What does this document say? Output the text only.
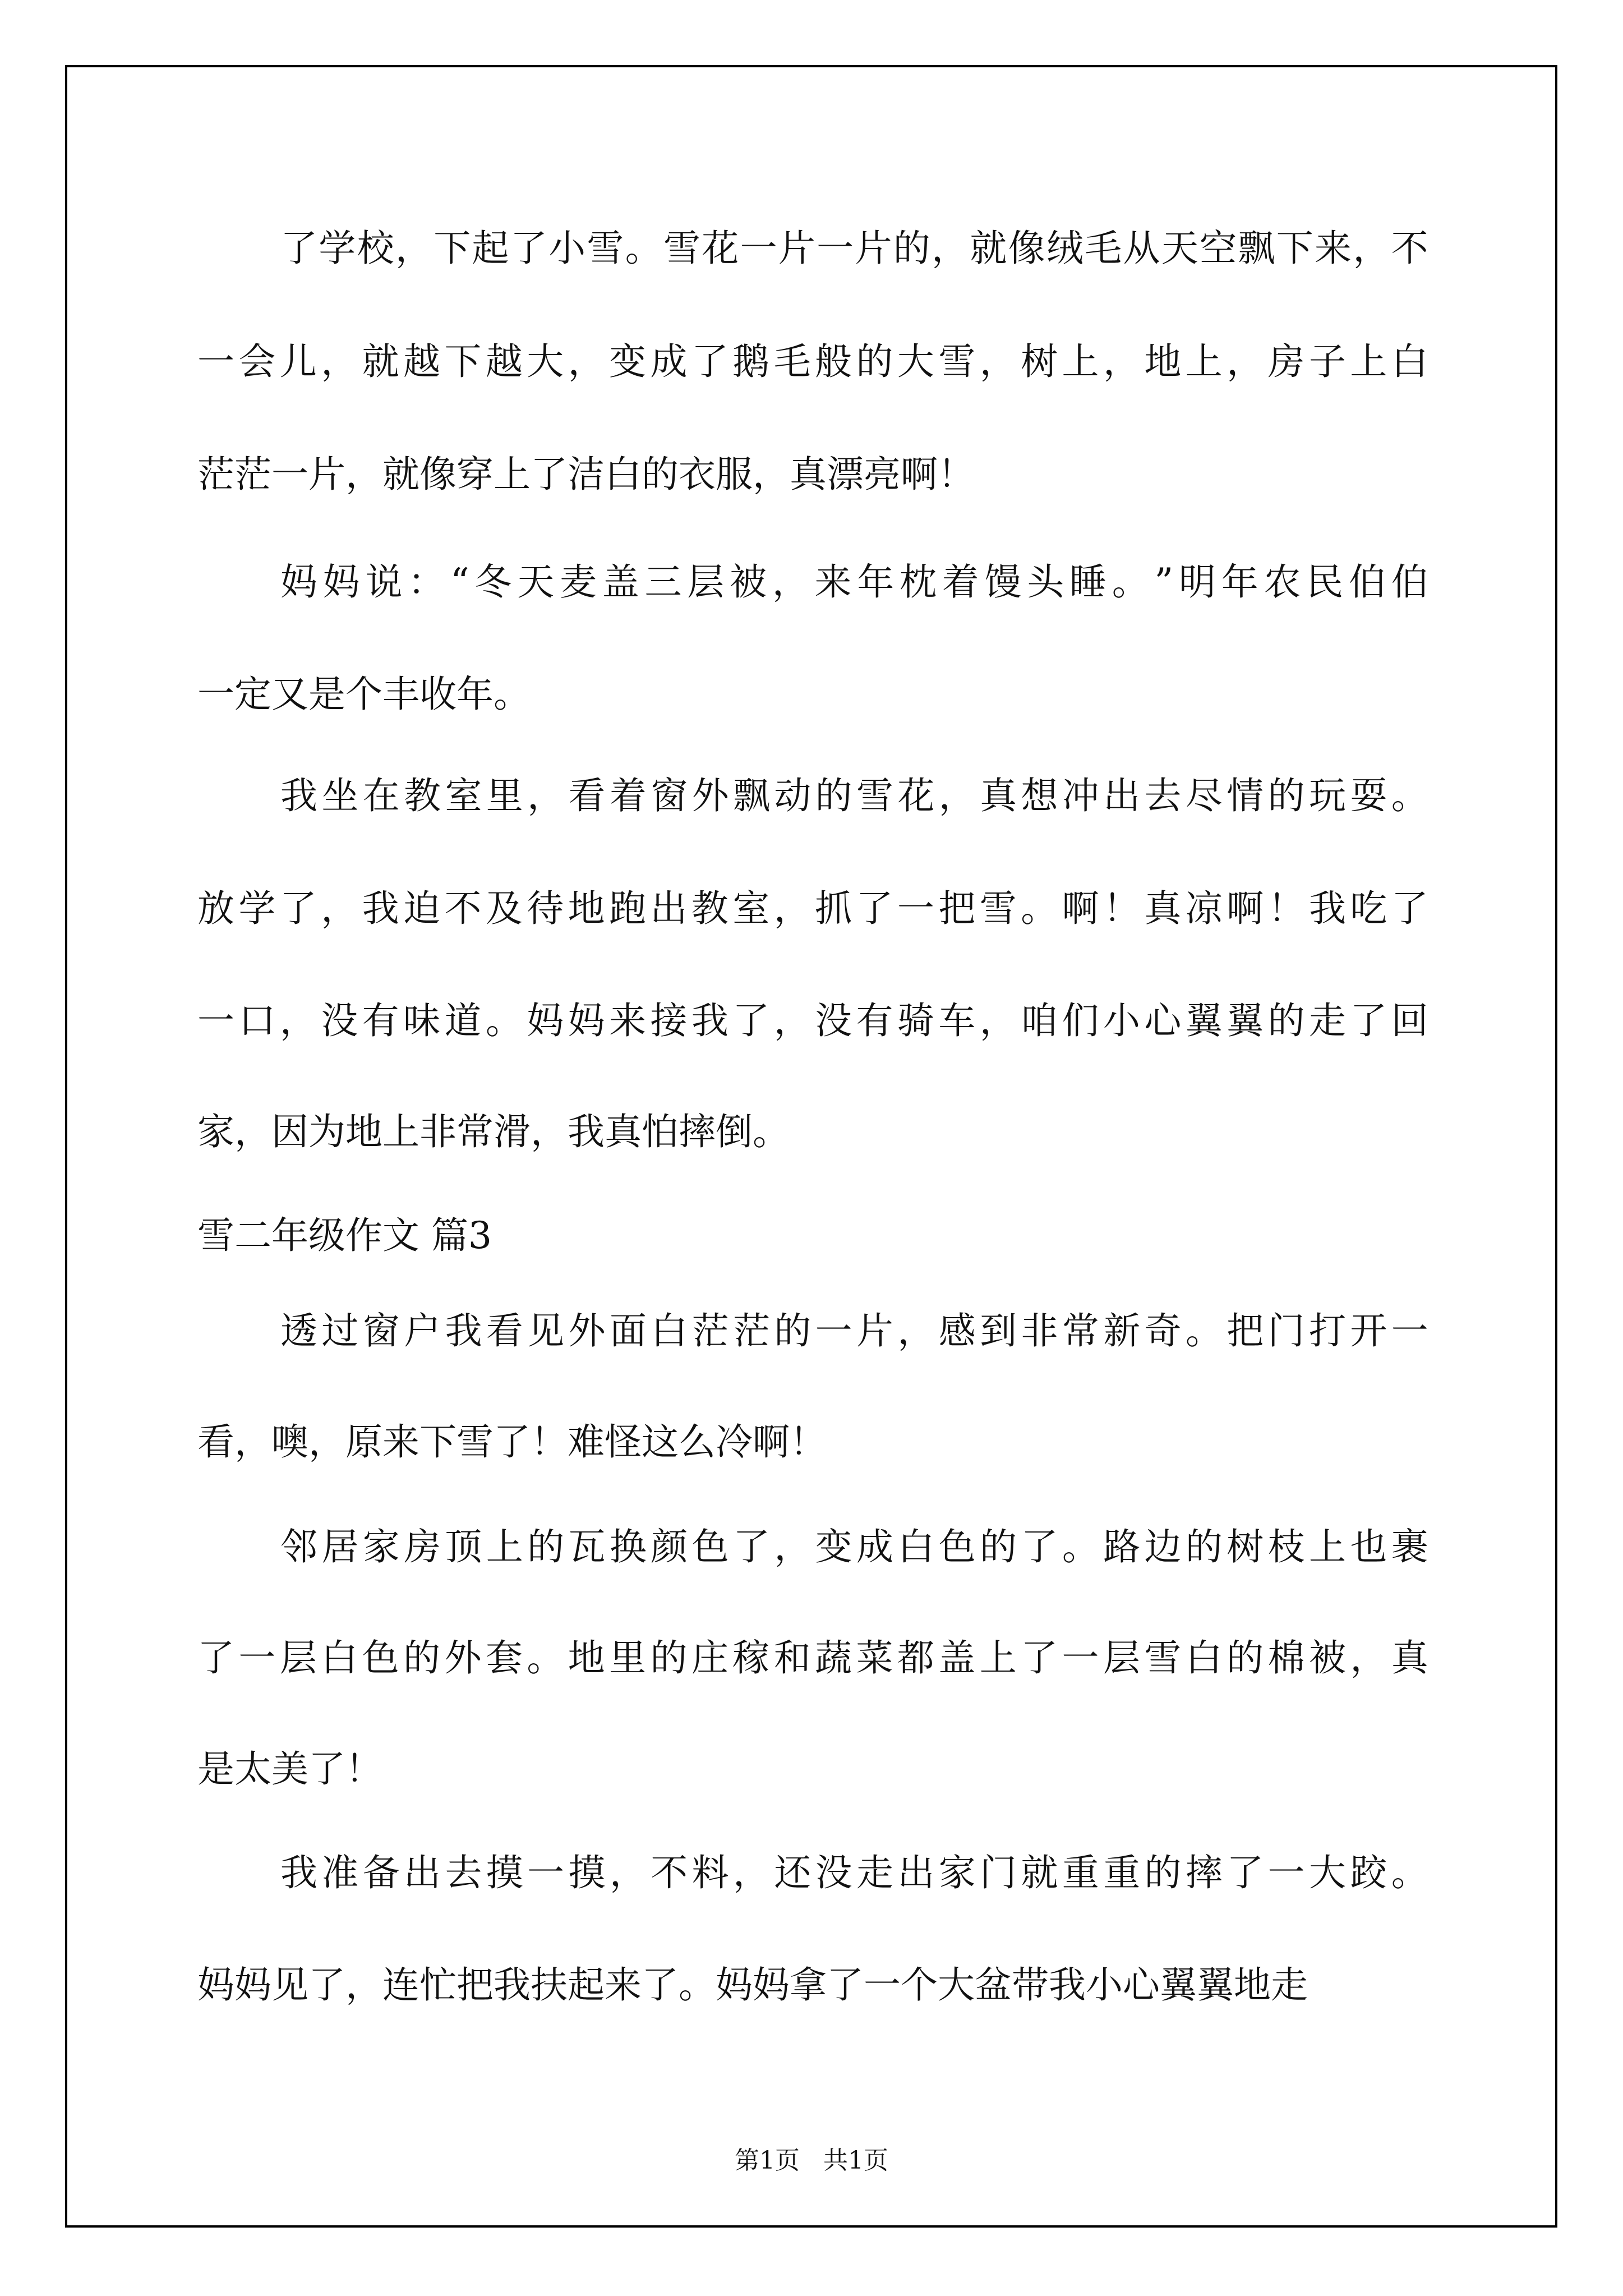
了 学 校 ， 下 起 了 小 雪 。 雪 花 一 片 一 片 的 ， 就 像 绒 毛 从 天 空 飘 下 来 ， 不
一 会 儿 ， 就 越 下 越 大 ， 变 成 了 鹅 毛 般 的 大 雪 ， 树 上 ， 地 上 ， 房 子 上 白
茫茫一片，就像穿上了洁白的衣服，真漂亮啊！
妈 妈 说 ： “ 冬 天 麦 盖 三 层 被 ， 来 年 枕 着 馒 头 睡 。 ” 明 年 农 民 伯 伯
一定又是个丰收年。
我 坐 在 教 室 里 ， 看 着 窗 外 飘 动 的 雪 花 ， 真 想 冲 出 去 尽 情 的 玩 耍 。
放 学 了 ， 我 迫 不 及 待 地 跑 出 教 室 ， 抓 了 一 把 雪 。 啊 ！ 真 凉 啊 ！ 我 吃 了
一 口 ， 没 有 味 道 。 妈 妈 来 接 我 了 ， 没 有 骑 车 ， 咱 们 小 心 翼 翼 的 走 了 回
家，因为地上非常滑，我真怕摔倒。
雪二年级作文 篇3
透 过 窗 户 我 看 见 外 面 白 茫 茫 的 一 片 ， 感 到 非 常 新 奇 。 把 门 打 开 一
看，噢，原来下雪了！难怪这么冷啊！
邻 居 家 房 顶 上 的 瓦 换 颜 色 了 ， 变 成 白 色 的 了 。 路 边 的 树 枝 上 也 裹
了 一 层 白 色 的 外 套 。 地 里 的 庄 稼 和 蔬 菜 都 盖 上 了 一 层 雪 白 的 棉 被 ， 真
是太美了！
我 准 备 出 去 摸 一 摸 ， 不 料 ， 还 没 走 出 家 门 就 重 重 的 摔 了 一 大 跤 。
妈妈见了，连忙把我扶起来了。妈妈拿了一个大盆带我小心翼翼地走
第1页   共1页
